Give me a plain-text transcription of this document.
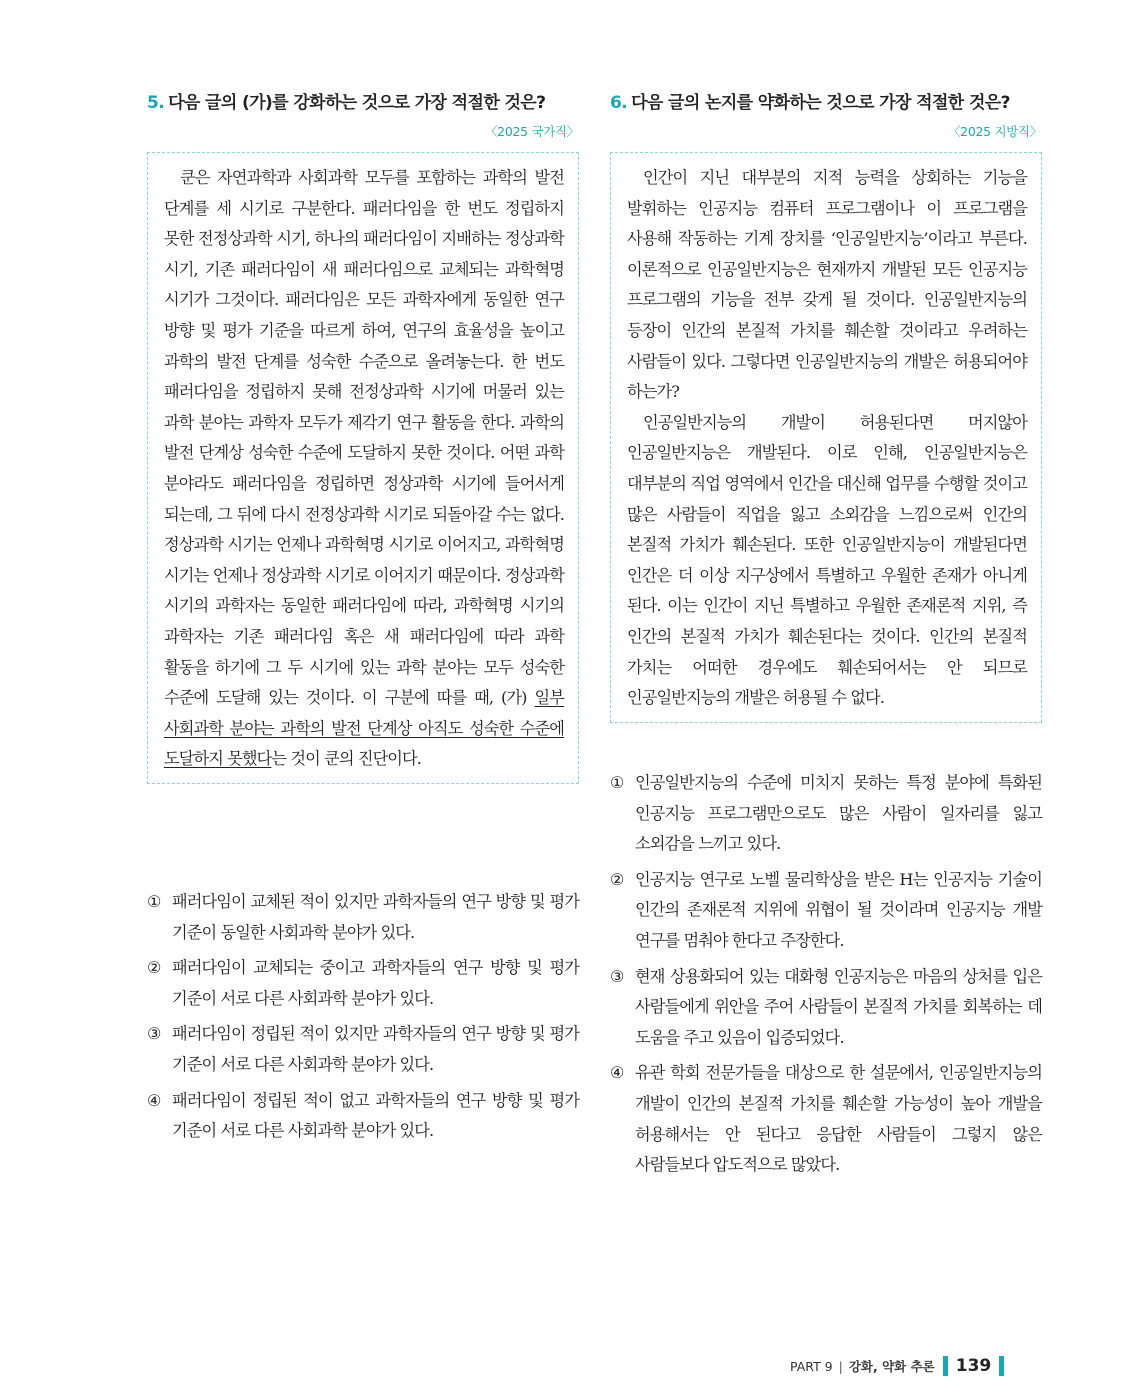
5. 다음 글의 (가)를 강화하는 것으로 가장 적절한 것은?
〈2025 국가직〉

쿤은 자연과학과 사회과학 모두를 포함하는 과학의 발전 단계를 세 시기로 구분한다. 패러다임을 한 번도 정립하지 못한 전정상과학 시기, 하나의 패러다임이 지배하는 정상과학 시기, 기존 패러다임이 새 패러다임으로 교체되는 과학혁명 시기가 그것이다. 패러다임은 모든 과학자에게 동일한 연구 방향 및 평가 기준을 따르게 하여, 연구의 효율성을 높이고 과학의 발전 단계를 성숙한 수준으로 올려놓는다. 한 번도 패러다임을 정립하지 못해 전정상과학 시기에 머물러 있는 과학 분야는 과학자 모두가 제각기 연구 활동을 한다. 과학의 발전 단계상 성숙한 수준에 도달하지 못한 것이다. 어떤 과학 분야라도 패러다임을 정립하면 정상과학 시기에 들어서게 되는데, 그 뒤에 다시 전정상과학 시기로 되돌아갈 수는 없다. 정상과학 시기는 언제나 과학혁명 시기로 이어지고, 과학혁명 시기는 언제나 정상과학 시기로 이어지기 때문이다. 정상과학 시기의 과학자는 동일한 패러다임에 따라, 과학혁명 시기의 과학자는 기존 패러다임 혹은 새 패러다임에 따라 과학 활동을 하기에 그 두 시기에 있는 과학 분야는 모두 성숙한 수준에 도달해 있는 것이다. 이 구분에 따를 때, (가) 일부 사회과학 분야는 과학의 발전 단계상 아직도 성숙한 수준에 도달하지 못했다는 것이 쿤의 진단이다.

① 패러다임이 교체된 적이 있지만 과학자들의 연구 방향 및 평가 기준이 동일한 사회과학 분야가 있다.
② 패러다임이 교체되는 중이고 과학자들의 연구 방향 및 평가 기준이 서로 다른 사회과학 분야가 있다.
③ 패러다임이 정립된 적이 있지만 과학자들의 연구 방향 및 평가 기준이 서로 다른 사회과학 분야가 있다.
④ 패러다임이 정립된 적이 없고 과학자들의 연구 방향 및 평가 기준이 서로 다른 사회과학 분야가 있다.
6. 다음 글의 논지를 약화하는 것으로 가장 적절한 것은?
〈2025 지방직〉

인간이 지닌 대부분의 지적 능력을 상회하는 기능을 발휘하는 인공지능 컴퓨터 프로그램이나 이 프로그램을 사용해 작동하는 기계 장치를 ‘인공일반지능’이라고 부른다. 이론적으로 인공일반지능은 현재까지 개발된 모든 인공지능 프로그램의 기능을 전부 갖게 될 것이다. 인공일반지능의 등장이 인간의 본질적 가치를 훼손할 것이라고 우려하는 사람들이 있다. 그렇다면 인공일반지능의 개발은 허용되어야 하는가?

인공일반지능의 개발이 허용된다면 머지않아 인공일반지능은 개발된다. 이로 인해, 인공일반지능은 대부분의 직업 영역에서 인간을 대신해 업무를 수행할 것이고 많은 사람들이 직업을 잃고 소외감을 느낌으로써 인간의 본질적 가치가 훼손된다. 또한 인공일반지능이 개발된다면 인간은 더 이상 지구상에서 특별하고 우월한 존재가 아니게 된다. 이는 인간이 지닌 특별하고 우월한 존재론적 지위, 즉 인간의 본질적 가치가 훼손된다는 것이다. 인간의 본질적 가치는 어떠한 경우에도 훼손되어서는 안 되므로 인공일반지능의 개발은 허용될 수 없다.

① 인공일반지능의 수준에 미치지 못하는 특정 분야에 특화된 인공지능 프로그램만으로도 많은 사람이 일자리를 잃고 소외감을 느끼고 있다.
② 인공지능 연구로 노벨 물리학상을 받은 H는 인공지능 기술이 인간의 존재론적 지위에 위협이 될 것이라며 인공지능 개발 연구를 멈춰야 한다고 주장한다.
③ 현재 상용화되어 있는 대화형 인공지능은 마음의 상처를 입은 사람들에게 위안을 주어 사람들이 본질적 가치를 회복하는 데 도움을 주고 있음이 입증되었다.
④ 유관 학회 전문가들을 대상으로 한 설문에서, 인공일반지능의 개발이 인간의 본질적 가치를 훼손할 가능성이 높아 개발을 허용해서는 안 된다고 응답한 사람들이 그렇지 않은 사람들보다 압도적으로 많았다.
PART 9 | 강화, 약화 추론 139
